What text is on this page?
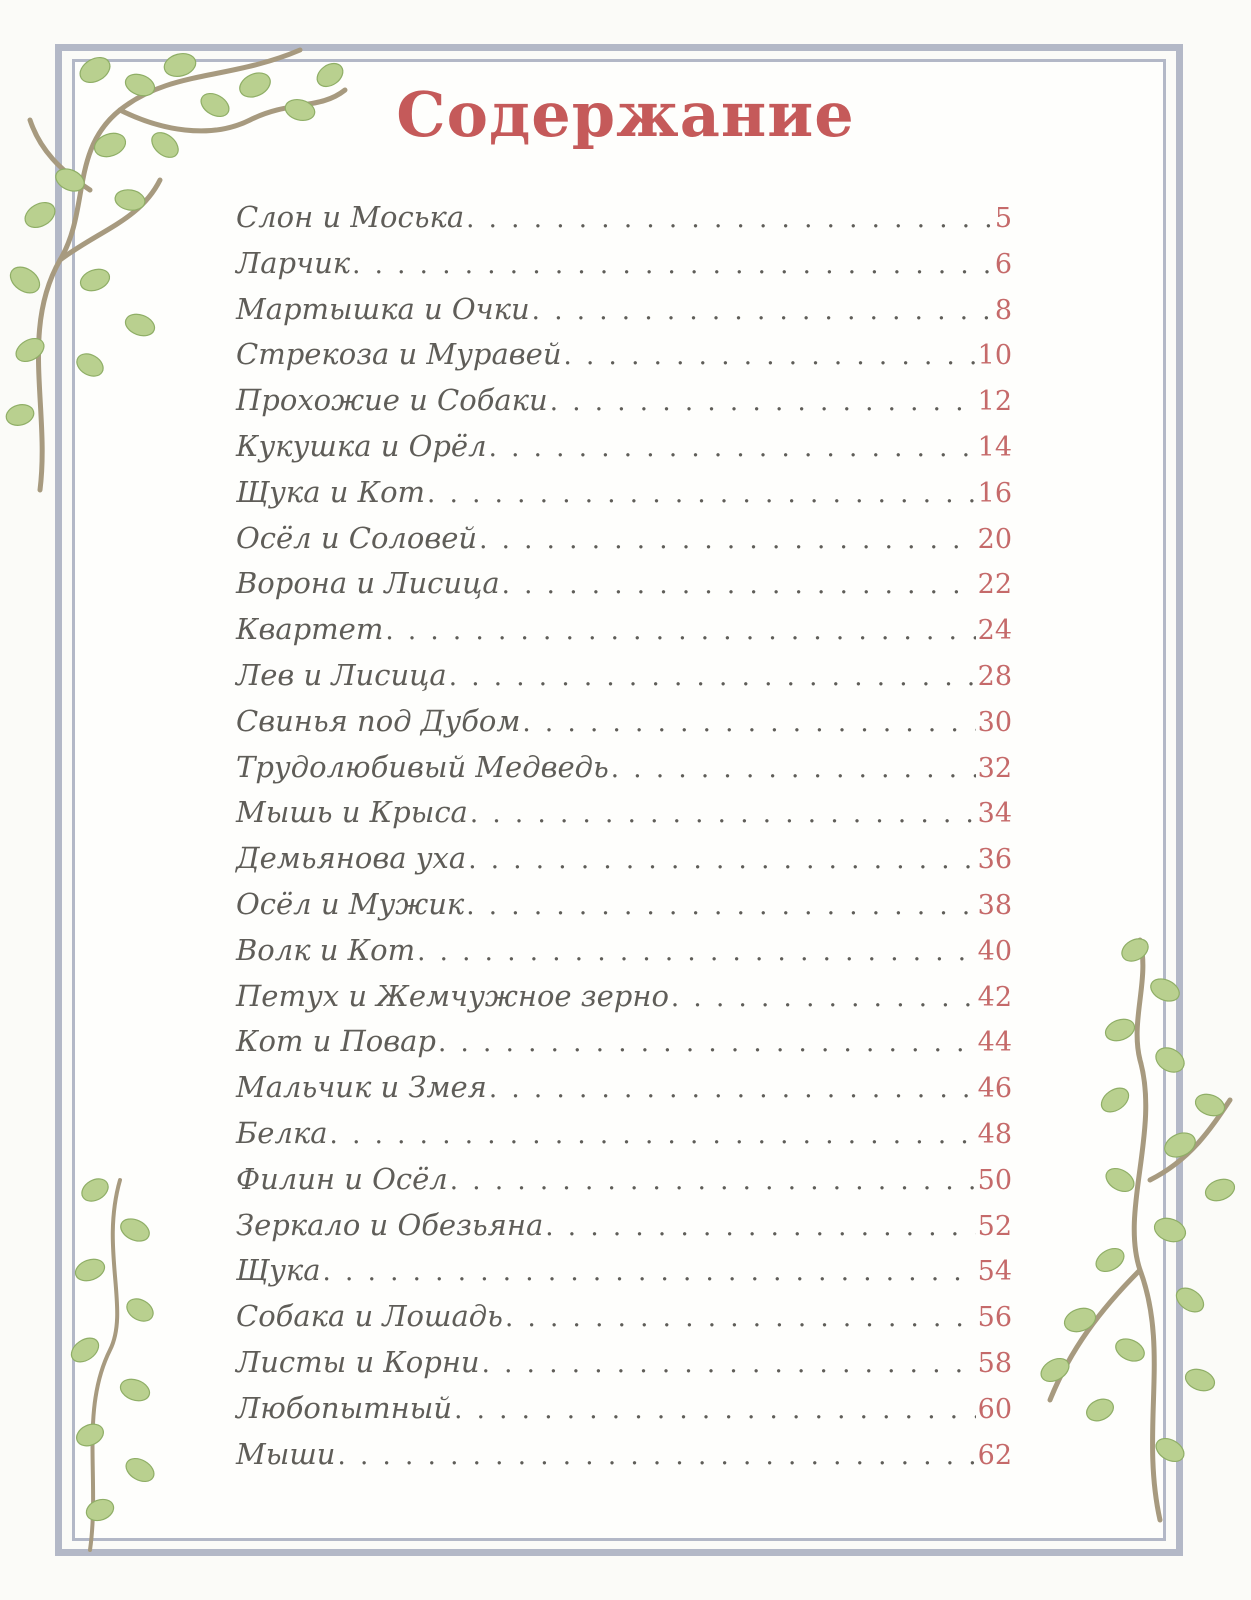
Содержание
Слон и Моська . . .	5
Ларчик . . .	6
Мартышка и Очки . . .	8
Стрекоза и Муравей . . .	10
Прохожие и Собаки . . .	12
Кукушка и Орёл . . .	14
Щука и Кот . . .	16
Осёл и Соловей . . .	20
Ворона и Лисица . . .	22
Квартет . . .	24
Лев и Лисица . . .	28
Свинья под Дубом . . .	30
Трудолюбивый Медведь . . .	32
Мышь и Крыса . . .	34
Демьянова уха . . .	36
Осёл и Мужик . . .	38
Волк и Кот . . .	40
Петух и Жемчужное зерно . . .	42
Кот и Повар . . .	44
Мальчик и Змея . . .	46
Белка . . .	48
Филин и Осёл . . .	50
Зеркало и Обезьяна . . .	52
Щука . . .	54
Собака и Лошадь . . .	56
Листы и Корни . . .	58
Любопытный . . .	60
Мыши . . .	62
